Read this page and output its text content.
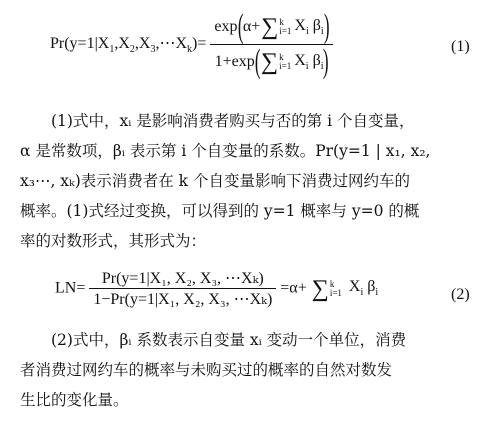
$Pr(y=1|X_1,X_2,X_3,\cdots X_k)=$
exp ( α+ ∑ k
i=1 $X_i$ $\beta_i$ )
1+exp ( ∑ k
i=1 $X_i$ $\beta_i$ )	(1)
(1)式中，xᵢ 是影响消费者购买与否的第 i 个自变量，
α 是常数项，βᵢ 表示第 i 个自变量的系数。Pr(y=1 | x₁, x₂,
x₃⋯, xₖ)表示消费者在 k 个自变量影响下消费过网约车的
概率。(1)式经过变换，可以得到的 y=1 概率与 y=0 的概
率的对数形式，其形式为：
$LN= \frac{\text{Pr(y=1|X₁, X₂, X₃, ⋯Xₖ)}}{\text{1−Pr(y=1|X₁, X₂, X₃, ⋯Xₖ)}} =\alpha+$ ∑ k
i=1 $X_i$ $\beta_i$	(2)
(2)式中，βᵢ 系数表示自变量 xᵢ 变动一个单位，消费
者消费过网约车的概率与未购买过的概率的自然对数发
生比的变化量。
